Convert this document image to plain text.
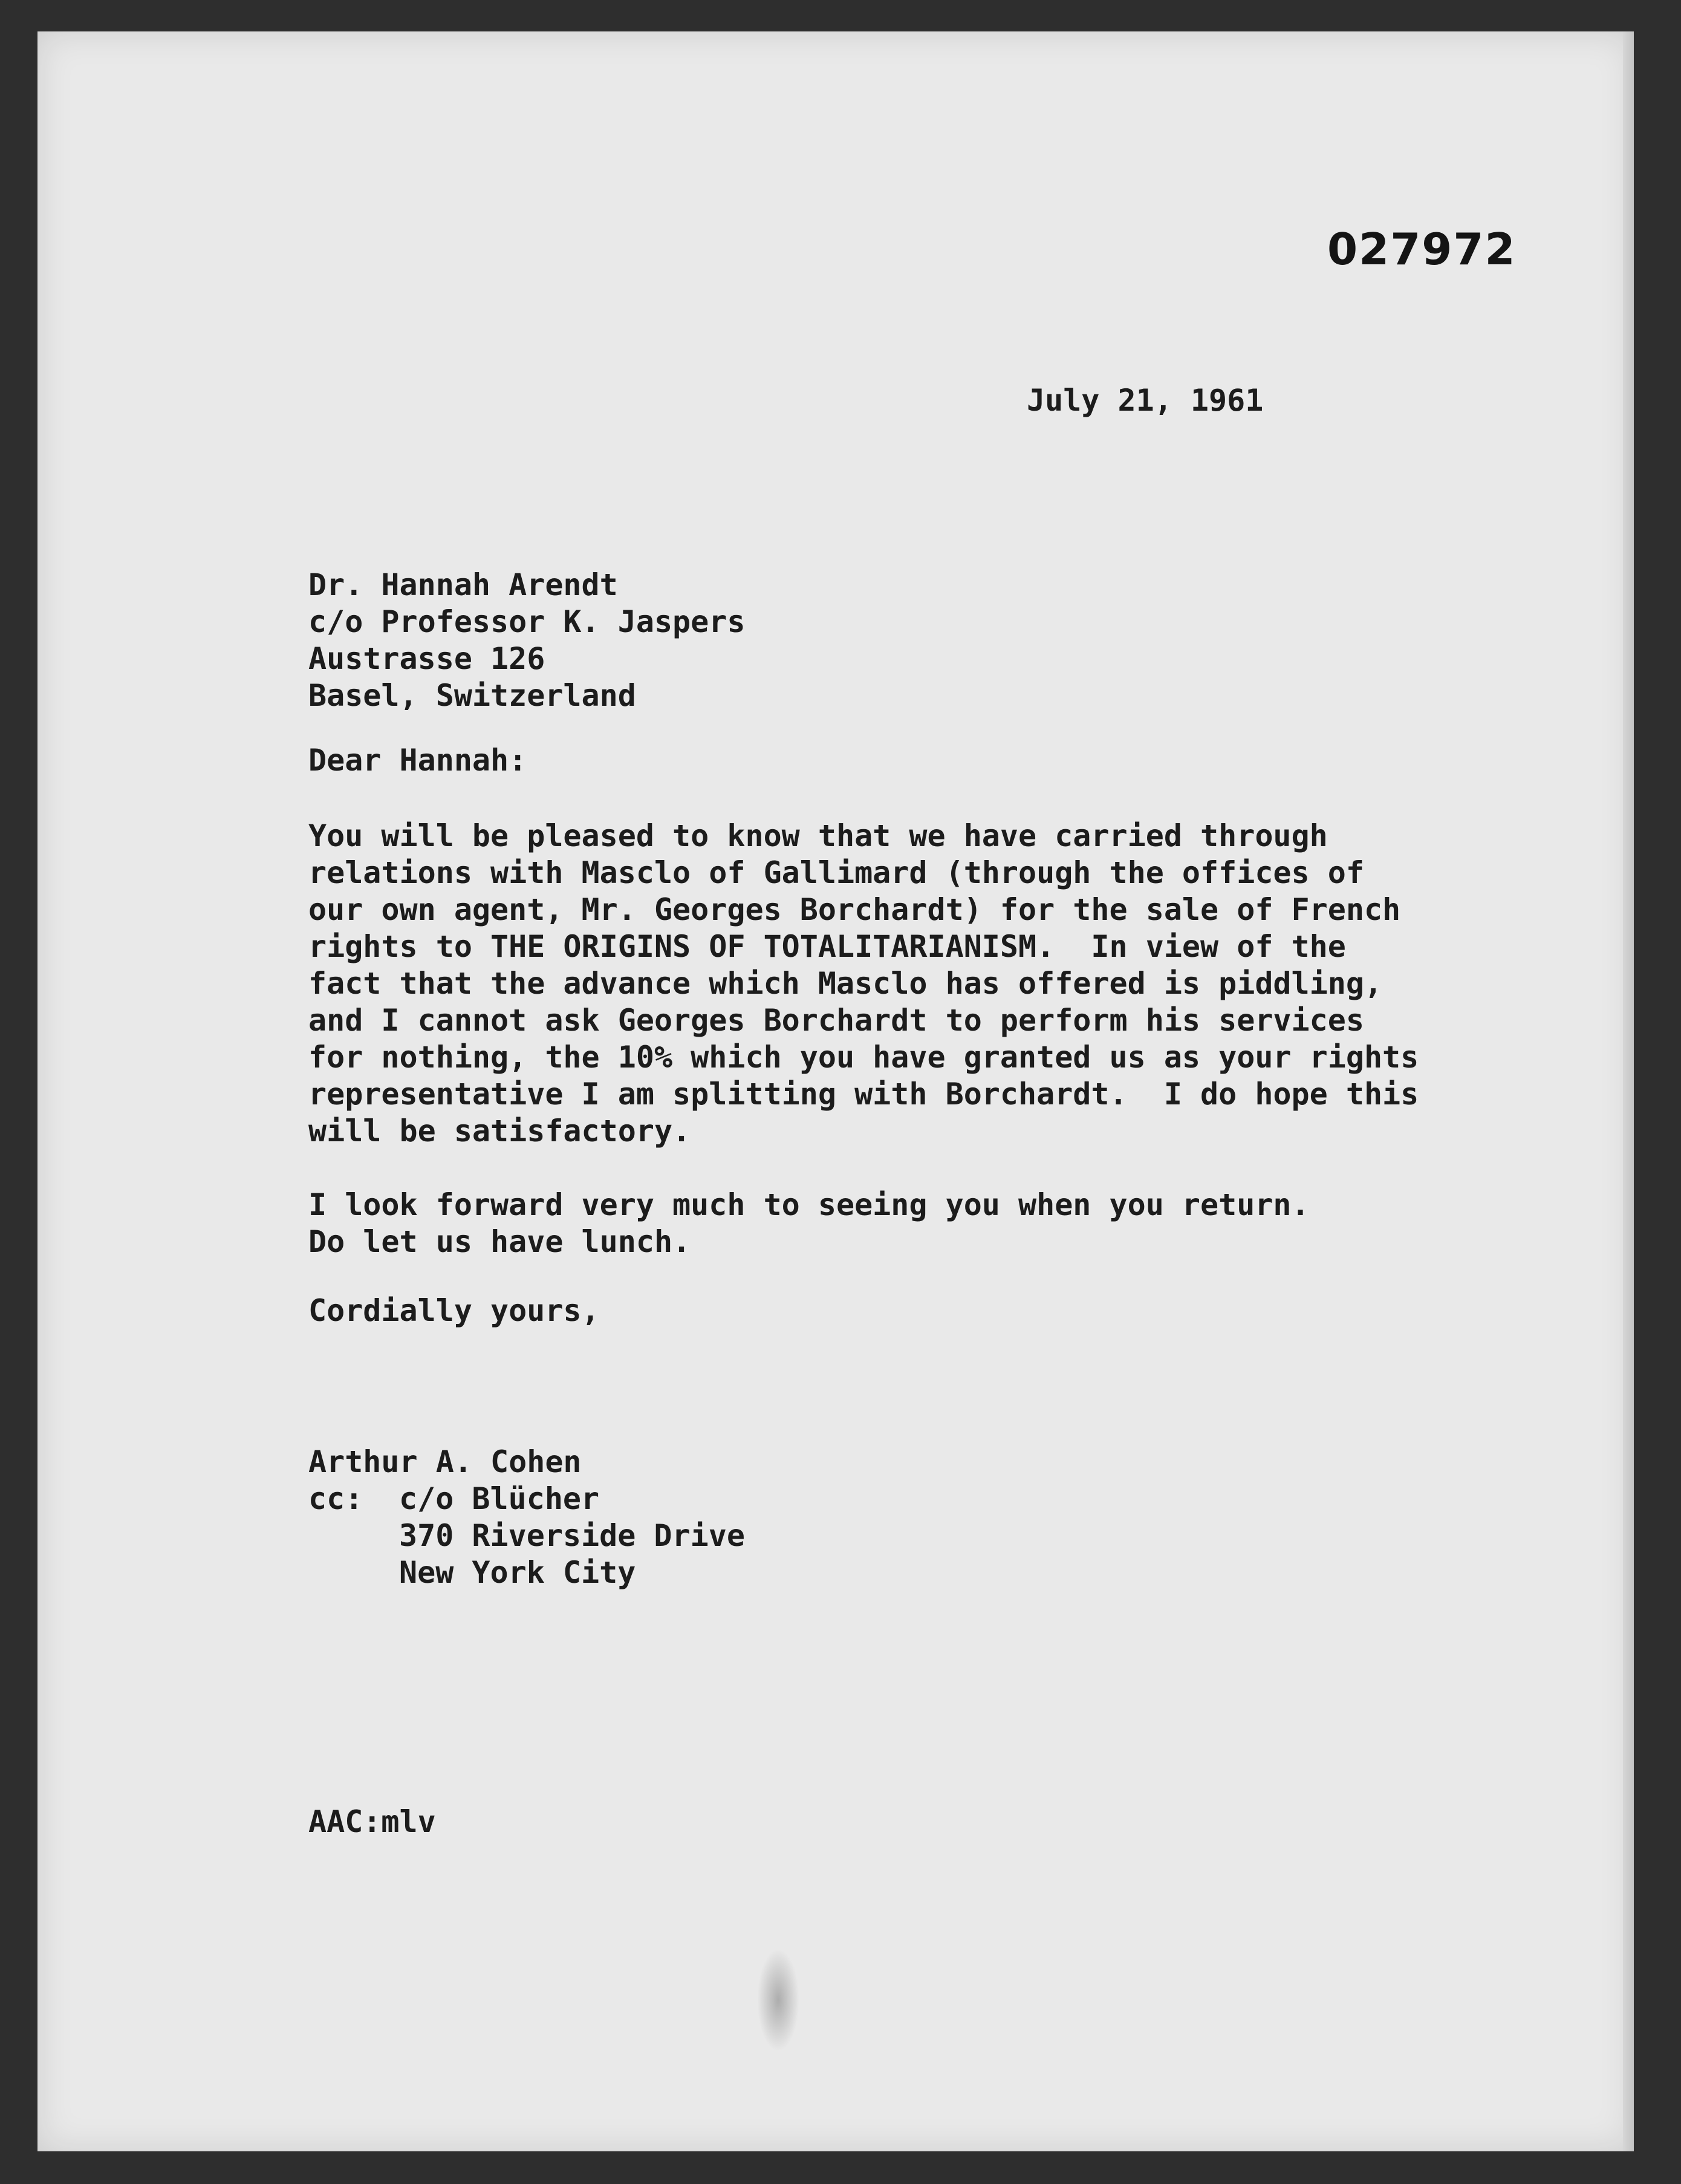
027972
July 21, 1961
Dr. Hannah Arendt
c/o Professor K. Jaspers
Austrasse 126
Basel, Switzerland
Dear Hannah:
You will be pleased to know that we have carried through
relations with Masclo of Gallimard (through the offices of
our own agent, Mr. Georges Borchardt) for the sale of French
rights to THE ORIGINS OF TOTALITARIANISM.  In view of the
fact that the advance which Masclo has offered is piddling,
and I cannot ask Georges Borchardt to perform his services
for nothing, the 10% which you have granted us as your rights
representative I am splitting with Borchardt.  I do hope this
will be satisfactory.
I look forward very much to seeing you when you return.
Do let us have lunch.
Cordially yours,
Arthur A. Cohen
cc: c/o Blücher
370 Riverside Drive
New York City
AAC:mlv
